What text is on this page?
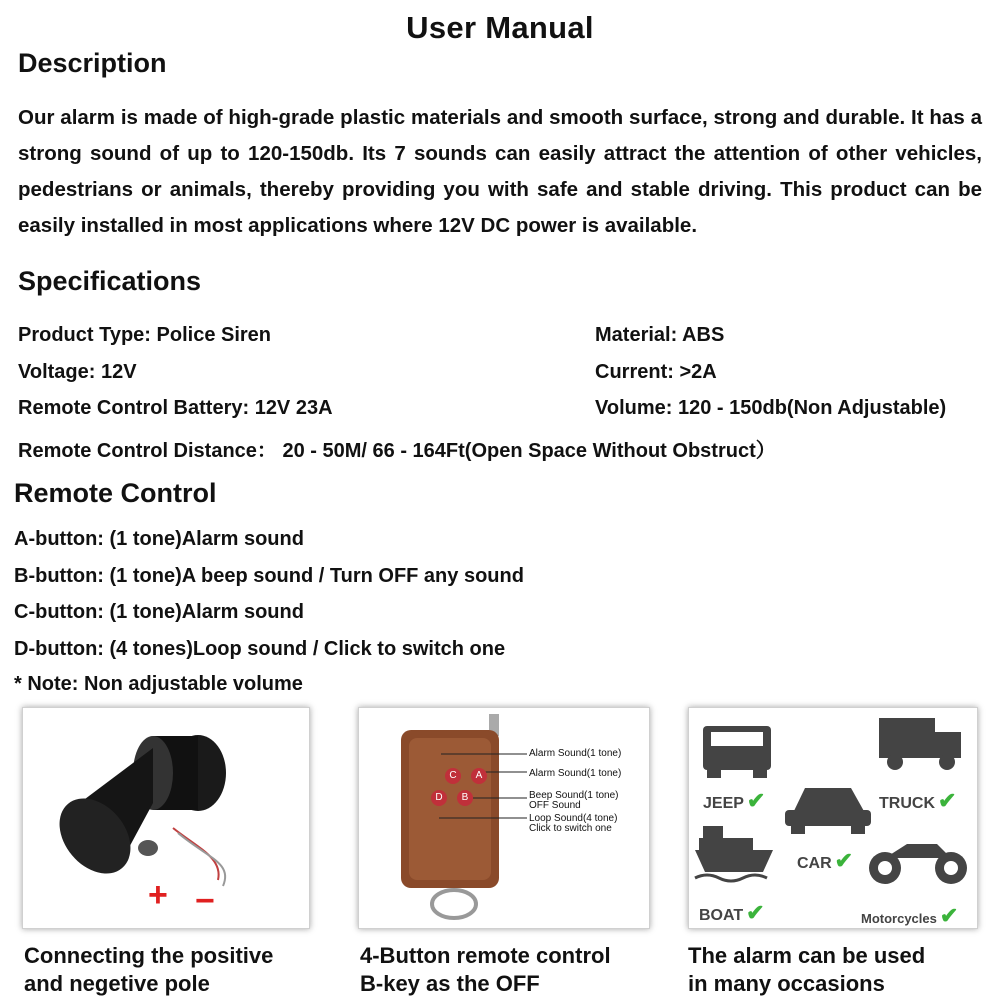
User Manual
Description
Our alarm is made of high-grade plastic materials and smooth surface, strong and durable. It has a strong sound of up to 120-150db. Its 7 sounds can easily attract the attention of other vehicles, pedestrians or animals, thereby providing you with safe and stable driving. This product can be easily installed in most applications where 12V DC power is available.
Specifications
Product Type: Police Siren	Material: ABS
Voltage: 12V	Current: >2A
Remote Control Battery: 12V 23A	Volume: 120 - 150db(Non Adjustable)
Remote Control Distance： 20 - 50M/ 66 - 164Ft(Open Space Without Obstruct）
Remote Control
A-button: (1 tone)Alarm sound
B-button: (1 tone)A beep sound / Turn OFF any sound
C-button: (1 tone)Alarm sound
D-button: (4 tones)Loop sound / Click to switch one
* Note: Non adjustable volume
+ −
C	A
D	B
Alarm Sound(1 tone)
Alarm Sound(1 tone)
Beep Sound(1 tone)
OFF Sound
Loop Sound(4 tone)
Click to switch one
JEEP ✔	TRUCK ✔
CAR ✔
BOAT ✔	Motorcycles ✔
Connecting the positive
and negetive pole
4-Button remote control
B-key as the OFF
The alarm can be used
in many occasions
